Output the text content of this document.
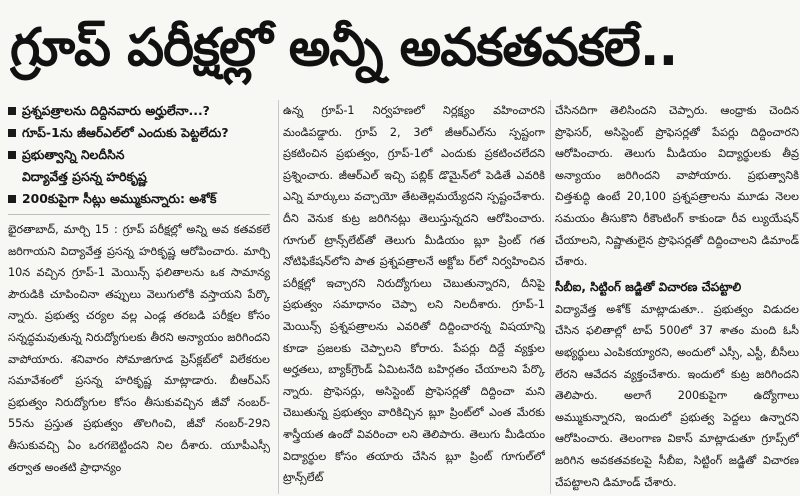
గ్రూప్ పరీక్షల్లో అన్నీ అవకతవకలే..

ప్రశ్నపత్రాలను దిద్దినవారు అర్హులేనా...?

గూప్-1ను జీఆర్ఎల్‌లో ఎందుకు పెట్టలేదు?

ప్రభుత్వాన్ని నిలదీసిన
విద్యావేత్త ప్రసన్న హరికృష్ణ

200కుపైగా సీట్లు అమ్ముకున్నారు: అశోక్

భైరతాబాద్, మార్చి 15 : గ్రూప్ పరీక్షల్లో అన్ని అవ కతవకలే జరిగాయని విద్యావేత్త ప్రసన్న హరికృష్ణ ఆరోపించారు. మార్చి 10న వచ్చిన గ్రూప్-1 మెయిన్స్ ఫలితాలను ఒక సామాన్య పౌరుడికి చూపించినా తప్పులు వెలుగులోకి వస్తాయని పేర్కొ న్నారు. ప్రభుత్వ చర్యల వల్ల ఎండ్ల తరబడి పరీక్షల కోసం సన్నద్ధమవుతున్న నిరుద్యోగులకు తీరని అన్యాయం జరిగిందని వాపోయారు. శనివారం సోమాజిగూడ ప్రెస్‌క్లబ్‌లో విలేకరుల సమావేశంలో ప్రసన్న హరికృష్ణ మాట్లాడారు. బీఆర్ఎస్ ప్రభుత్వం నిరుద్యోగుల కోసం తీసుకువచ్చిన జీవో నంబర్- 55ను ప్రస్తుత ప్రభుత్వం తొలగించి, జీవో నంబర్-29ని తీసుకువచ్చి ఏం ఒరగబెట్టిందని నిల దీశారు. యూపీఎస్సీ తర్వాత అంతటి ప్రాధాన్యం

ఉన్న గ్రూప్-1 నిర్వహణలో నిర్లక్ష్యం వహించారని మండిపడ్డారు. గ్రూప్ 2, 3లో జీఆర్ఎల్‌ను స్పష్టంగా ప్రకటించిన ప్రభుత్వం, గ్రూప్-1లో ఎందుకు ప్రకటించలేదని ప్రశ్నించారు. జీఆర్ఎల్ ఇచ్చి పబ్లిక్ డొమైన్‌లో పెడితే ఎవరికి ఎన్ని మార్కులు వచ్చాయో తేటతెల్లమయ్యేదని స్పష్టంచేశారు. దీని వెనుక కుట్ర జరిగినట్లు తెలుస్తున్నదని ఆరోపించారు. గూగుల్ ట్రాన్స్‌లేట్‌తో తెలుగు మీడియం బ్లూ ప్రింట్ గత నోటిఫికేషన్‌లోని పాత ప్రశ్నపత్రాలనే అక్టోబ ర్‌లో నిర్వహించిన పరీక్షల్లో ఇచ్చారని నిరుద్యోగులు చెబుతున్నారని, దీనిపై ప్రభుత్వం సమాధానం చెప్పా లని నిలదీశారు. గ్రూప్-1 మెయిన్స్ ప్రశ్నపత్రాలను ఎవరితో దిద్దించారన్న విషయాన్ని కూడా ప్రజలకు చెప్పాలని కోరారు. పేపర్లు దిద్దే వ్యక్తుల అర్హతలు, బ్యాక్‌గ్రౌండ్ ఏమిటనేది బహిర్గతం చేయాలని పేర్కొ న్నారు. ప్రొఫెసర్లు, అసిస్టెంట్ ప్రొఫెసర్లతో దిద్దించా మని చెబుతున్న ప్రభుత్వం వారికిచ్చిన బ్లూ ప్రింట్‌లో ఎంత మేరకు శాస్త్రీయత ఉందో వివరించా లని తెలిపారు. తెలుగు మీడియం విద్యార్థుల కోసం తయారు చేసిన బ్లూ ప్రింట్ గూగుల్‌లో ట్రాన్స్‌లేట్

చేసినదిగా తెలిసిందని చెప్పారు. ఆంధ్రాకు చెందిన ప్రొఫెసర్, అసిస్టెంట్ ప్రొఫెసర్లతో పేపర్లు దిద్దించారని ఆరోపించారు. తెలుగు మీడియం విద్యార్థులకు తీవ్ర అన్యాయం జరిగిందని వాపోయారు. ప్రభుత్వానికి చిత్తశుద్ధి ఉంటే 20,100 ప్రశ్నపత్రాలను మూడు నెలల సమయం తీసుకొని రీకౌంటింగ్ కాకుండా రీవ ల్యుయేషన్ చేయాలని, నిష్ణాతులైన ప్రొఫెసర్లతో దిద్దించాలని డిమాండ్ చేశారు.

సీబీఐ, సిట్టింగ్ జడ్జితో విచారణ చేపట్టాలి

విద్యావేత్త అశోక్ మాట్లాడుతూ.. ప్రభుత్వం విడుదల చేసిన ఫలితాల్లో టాప్ 500లో 37 శాతం మంది ఓసీ అభ్యర్థులు ఎంపికయ్యారని, అందులో ఎస్సీ, ఎస్టీ, బీసీలు లేరని ఆవేదన వ్యక్తంచేశారు. ఇందులో కుట్ర జరిగిందని తెలిపారు. అలాగే 200కుపైగా ఉద్యోగాలు అమ్ముకున్నారని, ఇందులో ప్రభుత్వ పెద్దలు ఉన్నారని ఆరోపించారు. తెలంగాణ వికాస్ మాట్లాడుతూ గ్రూప్స్‌లో జరిగిన అవకతవకలపై సీబీఐ, సిట్టింగ్ జడ్జితో విచారణ చేపట్టాలని డిమాండ్ చేశారు.
